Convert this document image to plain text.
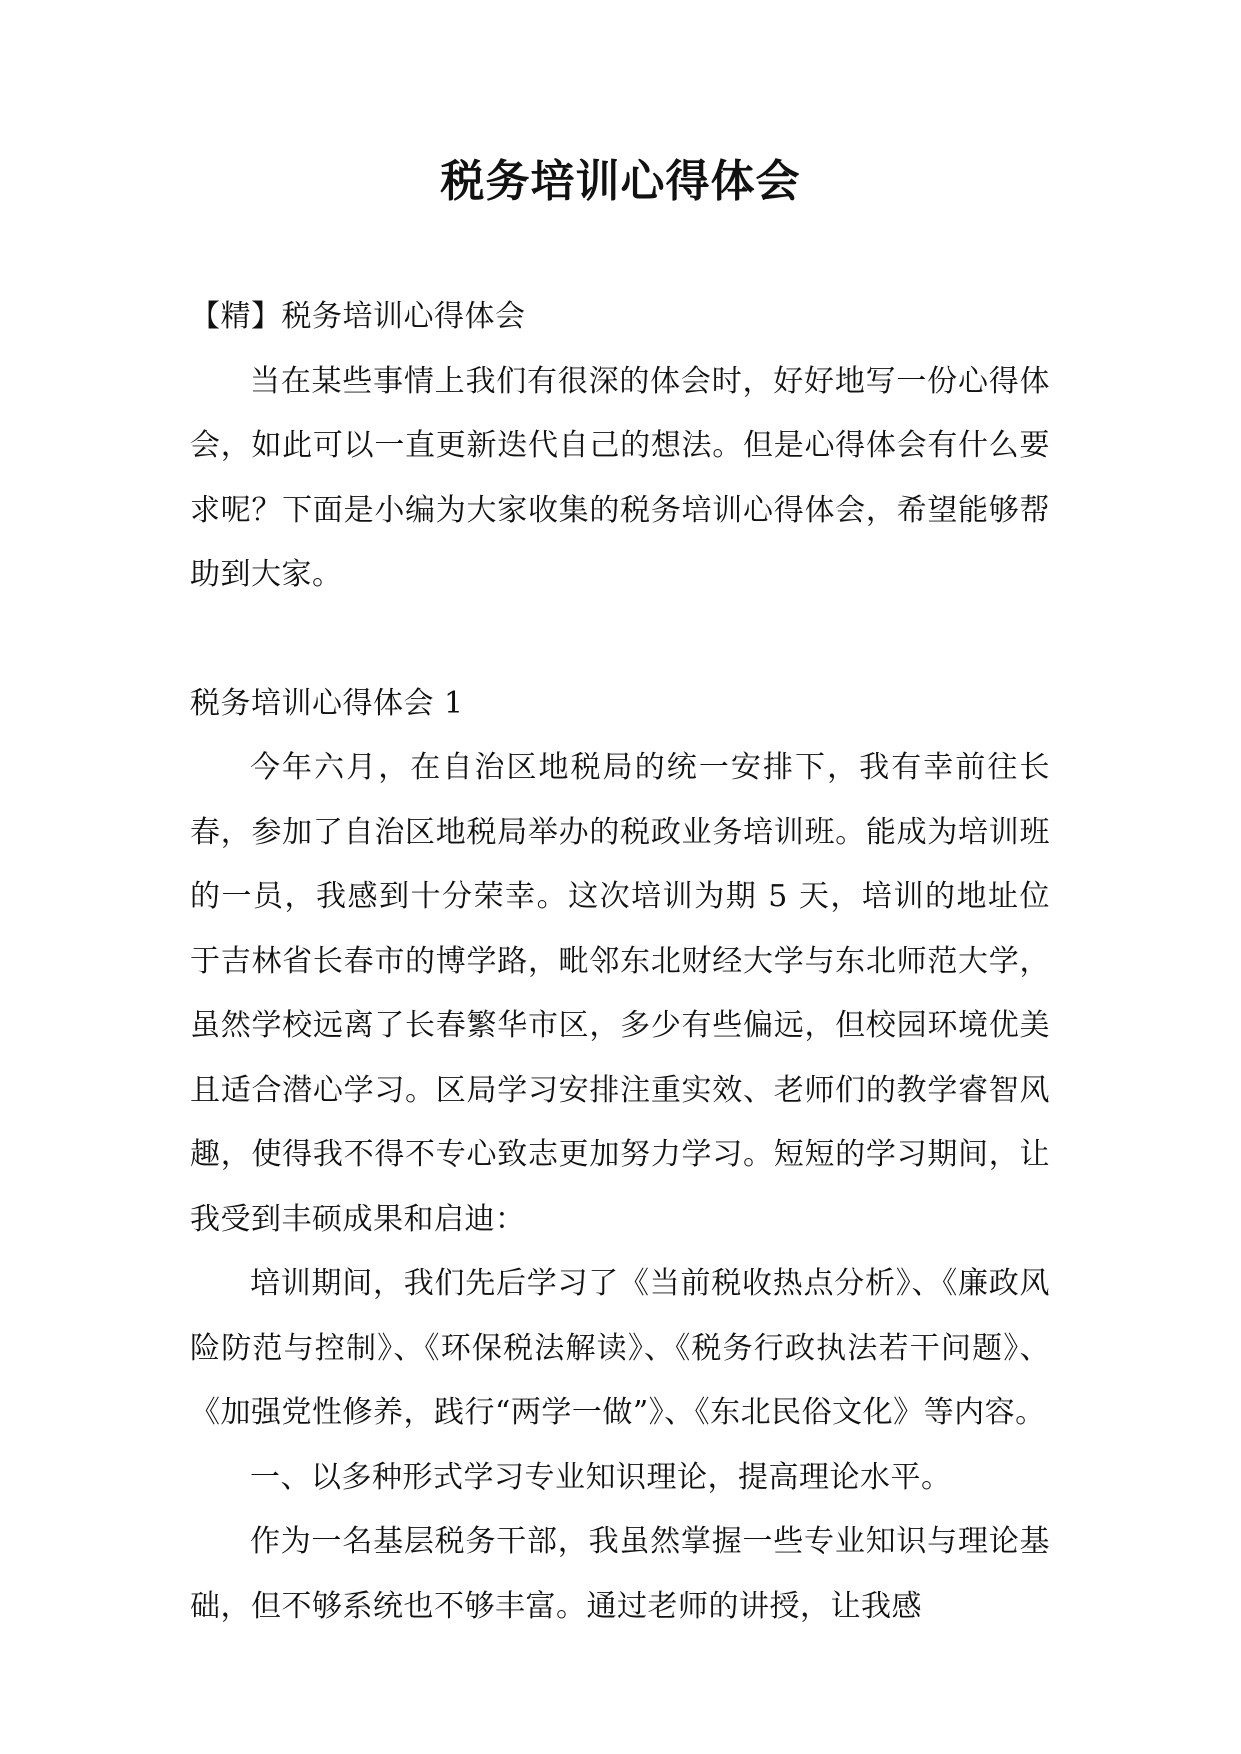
税务培训心得体会

【精】税务培训心得体会

当在某些事情上我们有很深的体会时，好好地写一份心得体会，如此可以一直更新迭代自己的想法。但是心得体会有什么要求呢？下面是小编为大家收集的税务培训心得体会，希望能够帮助到大家。

税务培训心得体会 1

今年六月，在自治区地税局的统一安排下，我有幸前往长春，参加了自治区地税局举办的税政业务培训班。能成为培训班的一员，我感到十分荣幸。这次培训为期 5 天，培训的地址位于吉林省长春市的博学路，毗邻东北财经大学与东北师范大学，虽然学校远离了长春繁华市区，多少有些偏远，但校园环境优美且适合潜心学习。区局学习安排注重实效、老师们的教学睿智风趣，使得我不得不专心致志更加努力学习。短短的学习期间，让我受到丰硕成果和启迪：

培训期间，我们先后学习了《当前税收热点分析》、《廉政风险防范与控制》、《环保税法解读》、《税务行政执法若干问题》、《加强党性修养，践行“两学一做”》、《东北民俗文化》等内容。

一、以多种形式学习专业知识理论，提高理论水平。

作为一名基层税务干部，我虽然掌握一些专业知识与理论基础，但不够系统也不够丰富。通过老师的讲授，让我感
